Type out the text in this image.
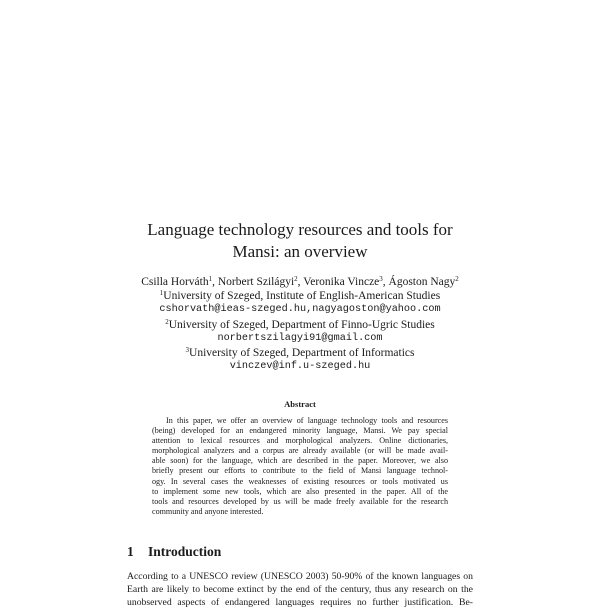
Language technology resources and tools for
Mansi: an overview
Csilla Horváth$^1$, Norbert Szilágyi$^2$, Veronika Vincze$^3$, Ágoston Nagy$^2$
$^1$University of Szeged, Institute of English-American Studies
cshorvath@ieas-szeged.hu,nagyagoston@yahoo.com
$^2$University of Szeged, Department of Finno-Ugric Studies
norbertszilagyi91@gmail.com
$^3$University of Szeged, Department of Informatics
vinczev@inf.u-szeged.hu
Abstract
In this paper, we offer an overview of language technology tools and resources
(being) developed for an endangered minority language, Mansi. We pay special
attention to lexical resources and morphological analyzers. Online dictionaries,
morphological analyzers and a corpus are already available (or will be made avail-
able soon) for the language, which are described in the paper. Moreover, we also
briefly present our efforts to contribute to the field of Mansi language technol-
ogy. In several cases the weaknesses of existing resources or tools motivated us
to implement some new tools, which are also presented in the paper. All of the
tools and resources developed by us will be made freely available for the research
community and anyone interested.
1 Introduction
According to a UNESCO review (UNESCO 2003) 50-90% of the known languages on
Earth are likely to become extinct by the end of the century, thus any research on the
unobserved aspects of endangered languages requires no further justification. Be-
